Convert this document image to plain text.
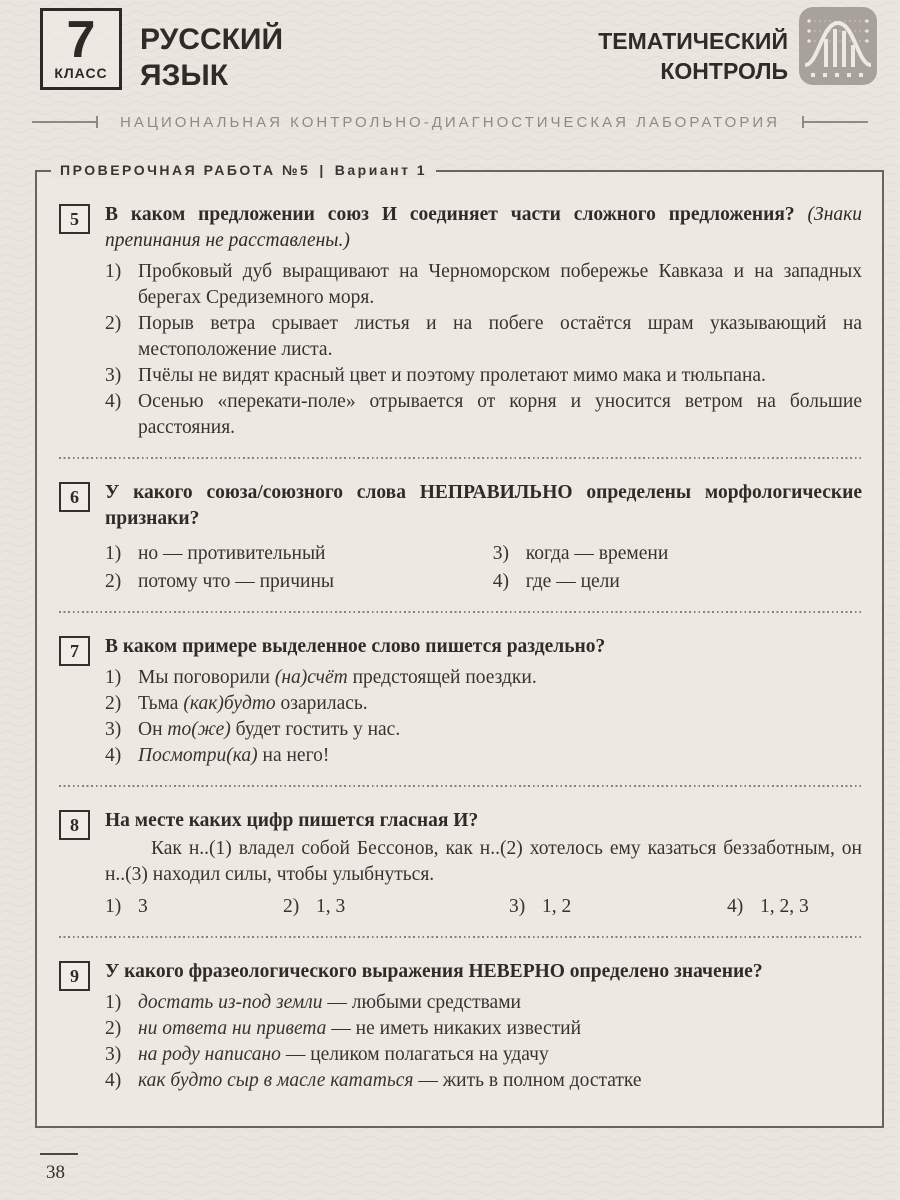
7
КЛАСС
РУССКИЙ
ЯЗЫК
ТЕМАТИЧЕСКИЙ
КОНТРОЛЬ
НАЦИОНАЛЬНАЯ КОНТРОЛЬНО-ДИАГНОСТИЧЕСКАЯ ЛАБОРАТОРИЯ
ПРОВЕРОЧНАЯ РАБОТА №5 | Вариант 1
5	В каком предложении союз И соединяет части сложного предложения? (Знаки препинания не расставлены.)
1) Пробковый дуб выращивают на Черноморском побережье Кавказа и на западных берегах Средиземного моря.
2) Порыв ветра срывает листья и на побеге остаётся шрам указывающий на местоположение листа.
3) Пчёлы не видят красный цвет и поэтому пролетают мимо мака и тюльпана.
4) Осенью «перекати-поле» отрывается от корня и уносится ветром на большие расстояния.
6	У какого союза/союзного слова НЕПРАВИЛЬНО определены морфологические признаки?
1) но — противительный
2) потому что — причины
3) когда — времени
4) где — цели
7	В каком примере выделенное слово пишется раздельно?
1) Мы поговорили (на)счёт предстоящей поездки.
2) Тьма (как)будто озарилась.
3) Он то(же) будет гостить у нас.
4) Посмотри(ка) на него!
8	На месте каких цифр пишется гласная И?
Как н..(1) владел собой Бессонов, как н..(2) хотелось ему казаться беззаботным, он н..(3) находил силы, чтобы улыбнуться.
1) 3	2) 1, 3	3) 1, 2	4) 1, 2, 3
9	У какого фразеологического выражения НЕВЕРНО определено значение?
1) достать из-под земли — любыми средствами
2) ни ответа ни привета — не иметь никаких известий
3) на роду написано — целиком полагаться на удачу
4) как будто сыр в масле кататься — жить в полном достатке
38
